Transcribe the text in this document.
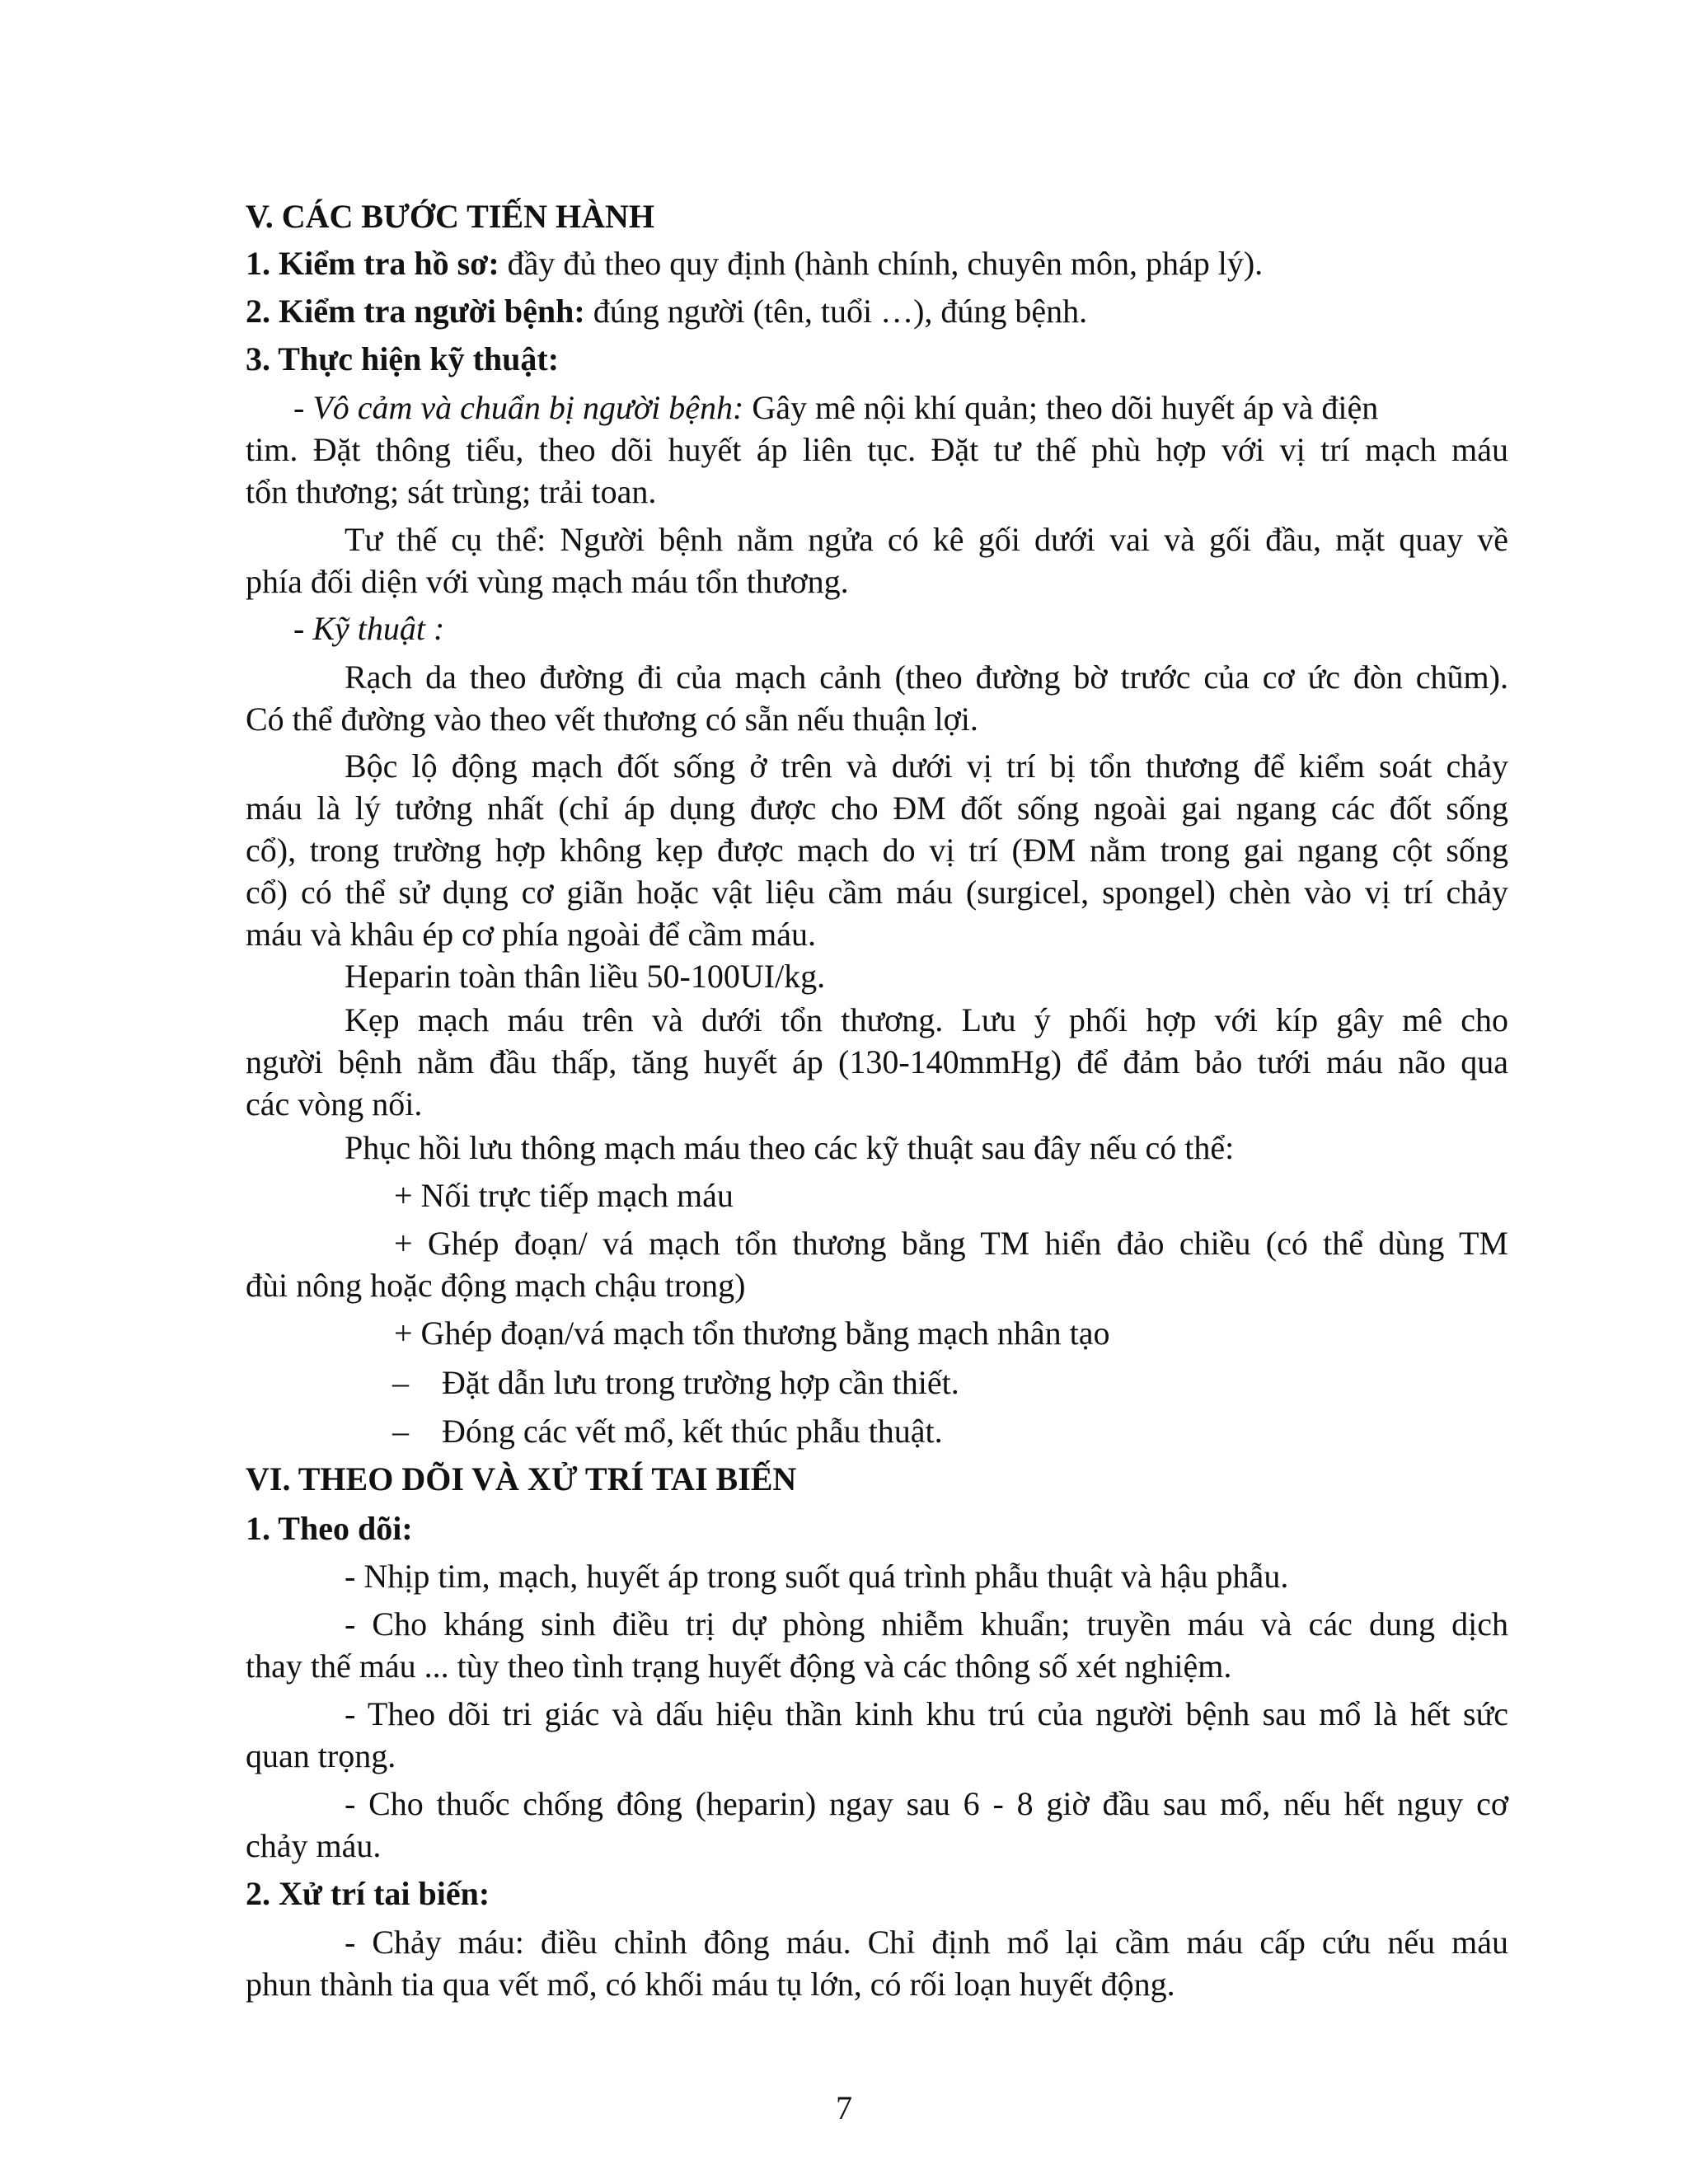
V. CÁC BƯỚC TIẾN HÀNH
1. Kiểm tra hồ sơ: đầy đủ theo quy định (hành chính, chuyên môn, pháp lý).
2. Kiểm tra người bệnh: đúng người (tên, tuổi …), đúng bệnh.
3. Thực hiện kỹ thuật:
- Vô cảm và chuẩn bị người bệnh: Gây mê nội khí quản; theo dõi huyết áp và điện
tim. Đặt thông tiểu, theo dõi huyết áp liên tục. Đặt tư thế phù hợp với vị trí mạch máu
tổn thương; sát trùng; trải toan.
Tư thế cụ thể: Người bệnh nằm ngửa có kê gối dưới vai và gối đầu, mặt quay về
phía đối diện với vùng mạch máu tổn thương.
- Kỹ thuật :
Rạch da theo đường đi của mạch cảnh (theo đường bờ trước của cơ ức đòn chũm).
Có thể đường vào theo vết thương có sẵn nếu thuận lợi.
Bộc lộ động mạch đốt sống ở trên và dưới vị trí bị tổn thương để kiểm soát chảy
máu là lý tưởng nhất (chỉ áp dụng được cho ĐM đốt sống ngoài gai ngang các đốt sống
cổ), trong trường hợp không kẹp được mạch do vị trí (ĐM nằm trong gai ngang cột sống
cổ) có thể sử dụng cơ giãn hoặc vật liệu cầm máu (surgicel, spongel) chèn vào vị trí chảy
máu và khâu ép cơ phía ngoài để cầm máu.
Heparin toàn thân liều 50-100UI/kg.
Kẹp mạch máu trên và dưới tổn thương. Lưu ý phối hợp với kíp gây mê cho
người bệnh nằm đầu thấp, tăng huyết áp (130-140mmHg) để đảm bảo tưới máu não qua
các vòng nối.
Phục hồi lưu thông mạch máu theo các kỹ thuật sau đây nếu có thể:
+ Nối trực tiếp mạch máu
+ Ghép đoạn/ vá mạch tổn thương bằng TM hiển đảo chiều (có thể dùng TM
đùi nông hoặc động mạch chậu trong)
+ Ghép đoạn/vá mạch tổn thương bằng mạch nhân tạo
– Đặt dẫn lưu trong trường hợp cần thiết.
– Đóng các vết mổ, kết thúc phẫu thuật.
VI. THEO DÕI VÀ XỬ TRÍ TAI BIẾN
1. Theo dõi:
- Nhịp tim, mạch, huyết áp trong suốt quá trình phẫu thuật và hậu phẫu.
- Cho kháng sinh điều trị dự phòng nhiễm khuẩn; truyền máu và các dung dịch
thay thế máu ... tùy theo tình trạng huyết động và các thông số xét nghiệm.
- Theo dõi tri giác và dấu hiệu thần kinh khu trú của người bệnh sau mổ là hết sức
quan trọng.
- Cho thuốc chống đông (heparin) ngay sau 6 - 8 giờ đầu sau mổ, nếu hết nguy cơ
chảy máu.
2. Xử trí tai biến:
- Chảy máu: điều chỉnh đông máu. Chỉ định mổ lại cầm máu cấp cứu nếu máu
phun thành tia qua vết mổ, có khối máu tụ lớn, có rối loạn huyết động.
7
